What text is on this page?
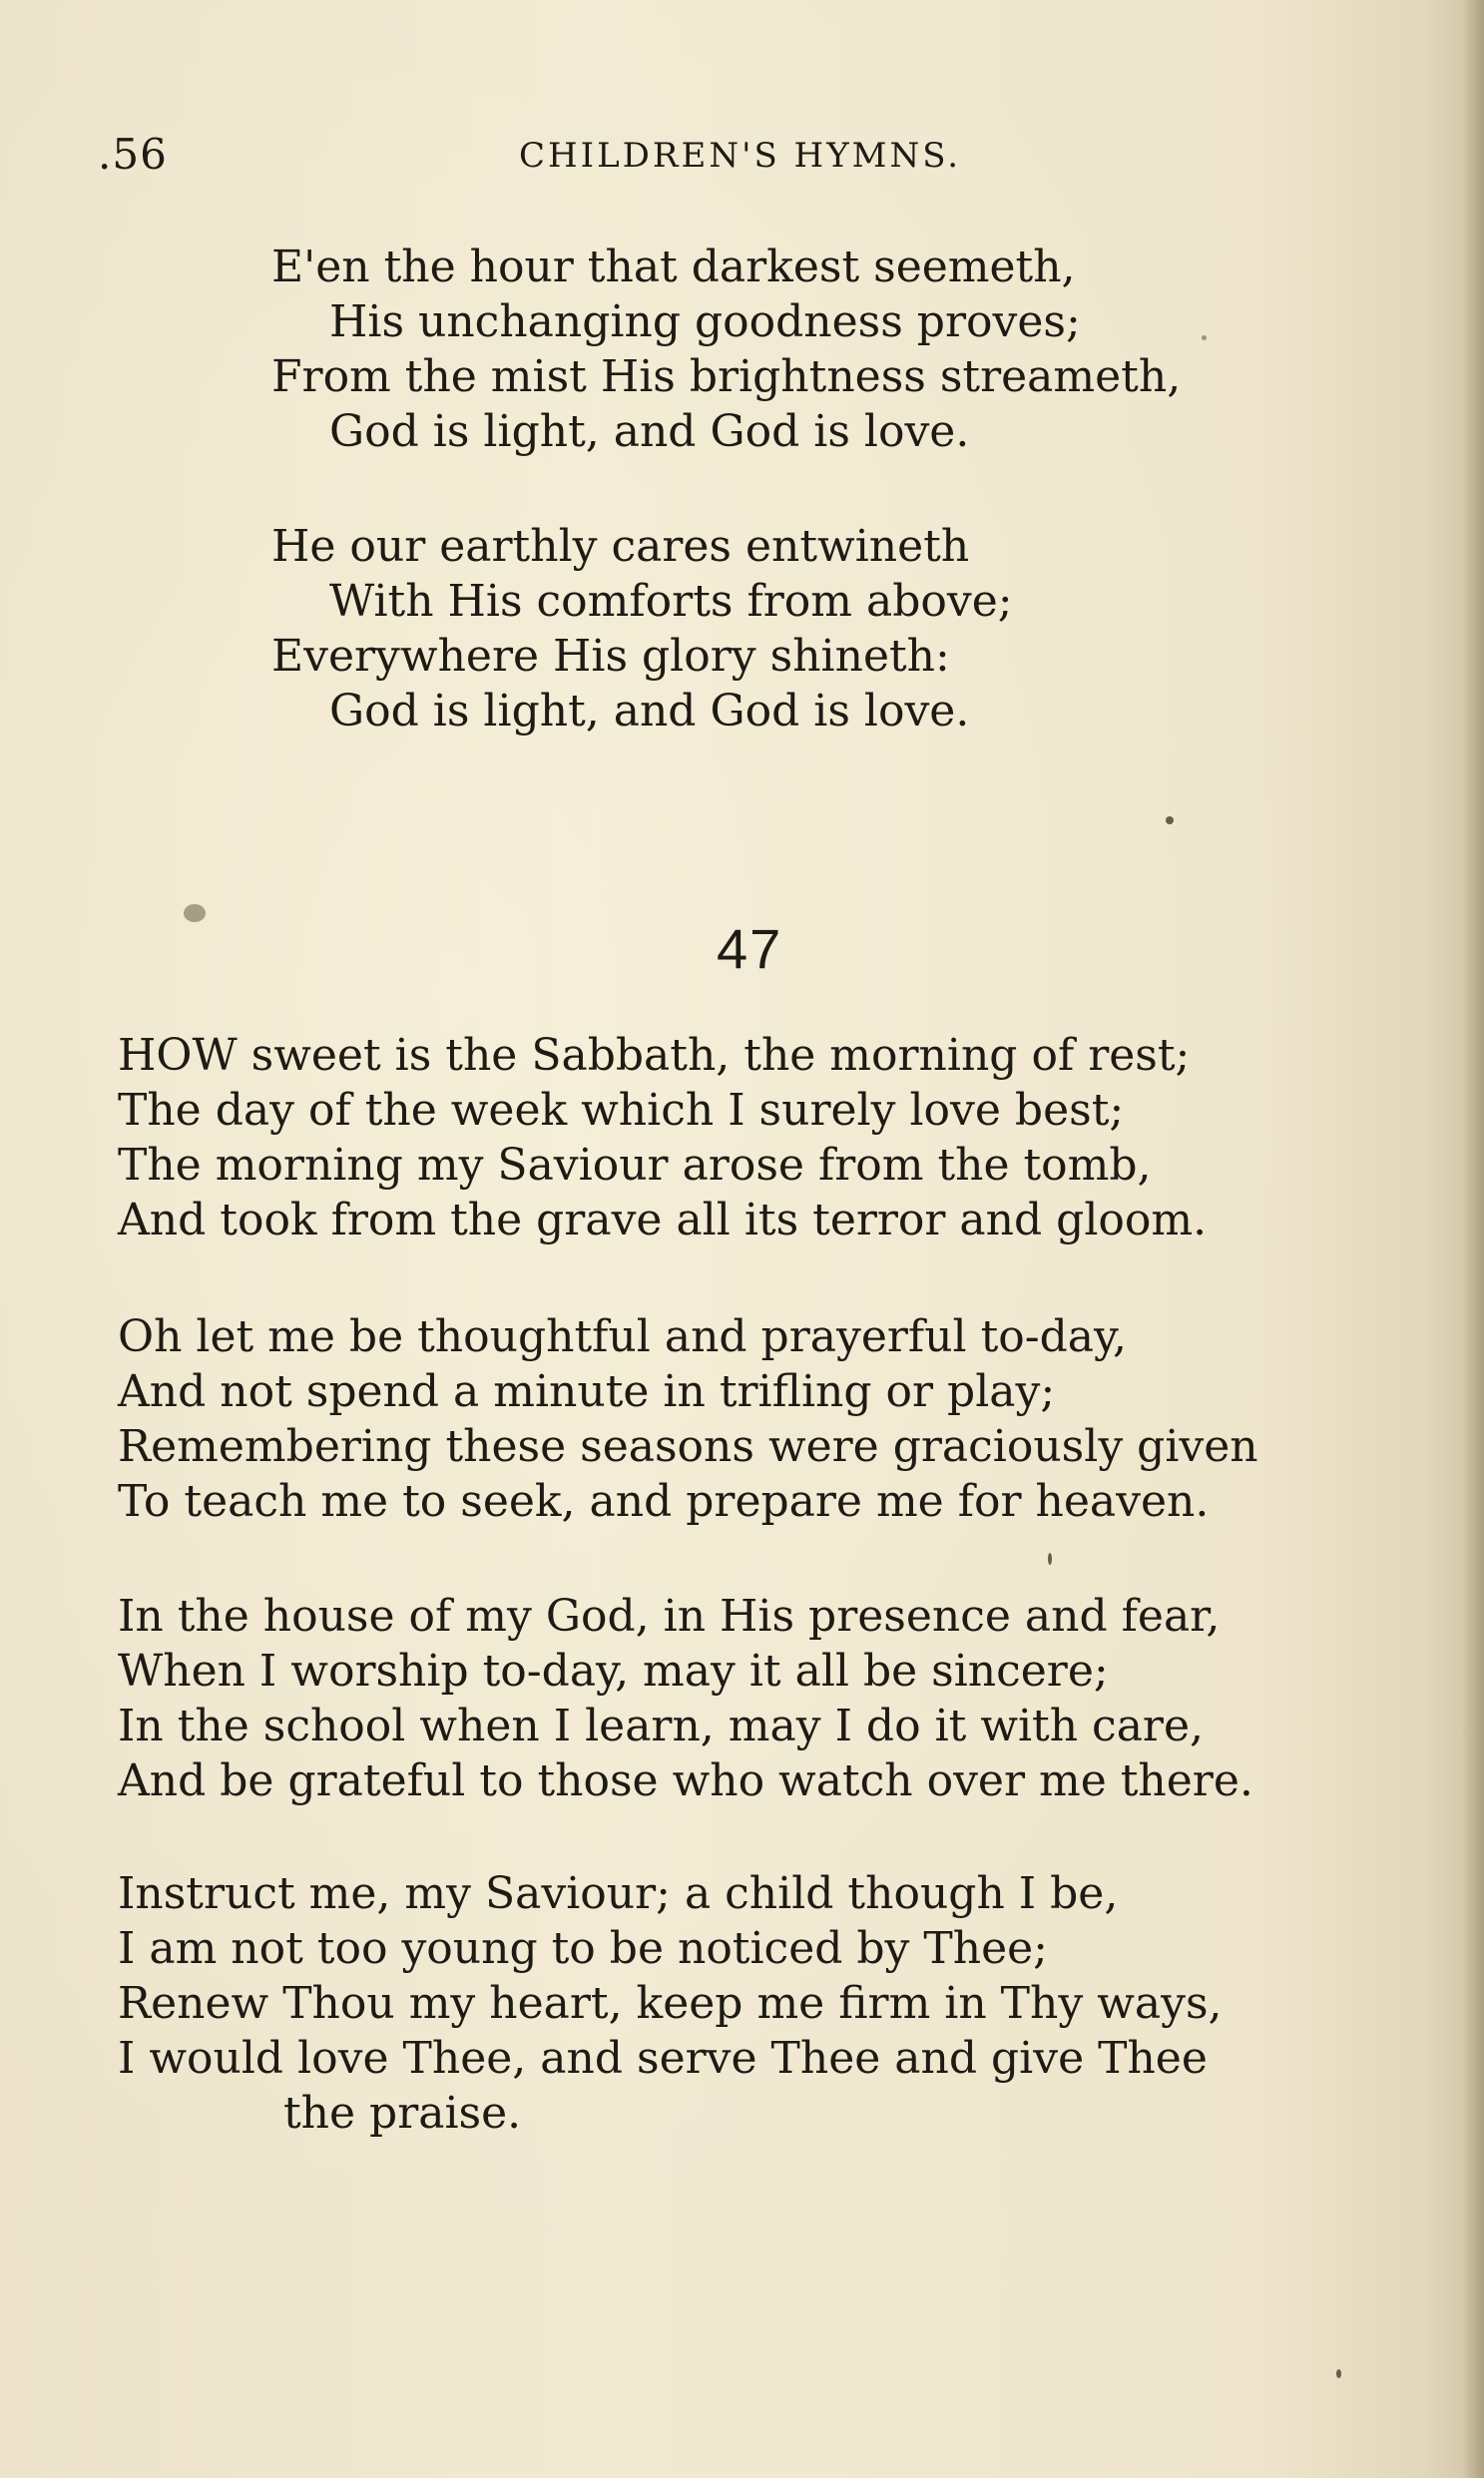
.56	CHILDREN'S HYMNS.
E'en the hour that darkest seemeth,
His unchanging goodness proves;
From the mist His brightness streameth,
God is light, and God is love.
He our earthly cares entwineth
With His comforts from above;
Everywhere His glory shineth:
God is light, and God is love.
47
HOW sweet is the Sabbath, the morning of rest;
The day of the week which I surely love best;
The morning my Saviour arose from the tomb,
And took from the grave all its terror and gloom.
Oh let me be thoughtful and prayerful to-day,
And not spend a minute in trifling or play;
Remembering these seasons were graciously given
To teach me to seek, and prepare me for heaven.
In the house of my God, in His presence and fear,
When I worship to-day, may it all be sincere;
In the school when I learn, may I do it with care,
And be grateful to those who watch over me there.
Instruct me, my Saviour; a child though I be,
I am not too young to be noticed by Thee;
Renew Thou my heart, keep me firm in Thy ways,
I would love Thee, and serve Thee and give Thee
the praise.
